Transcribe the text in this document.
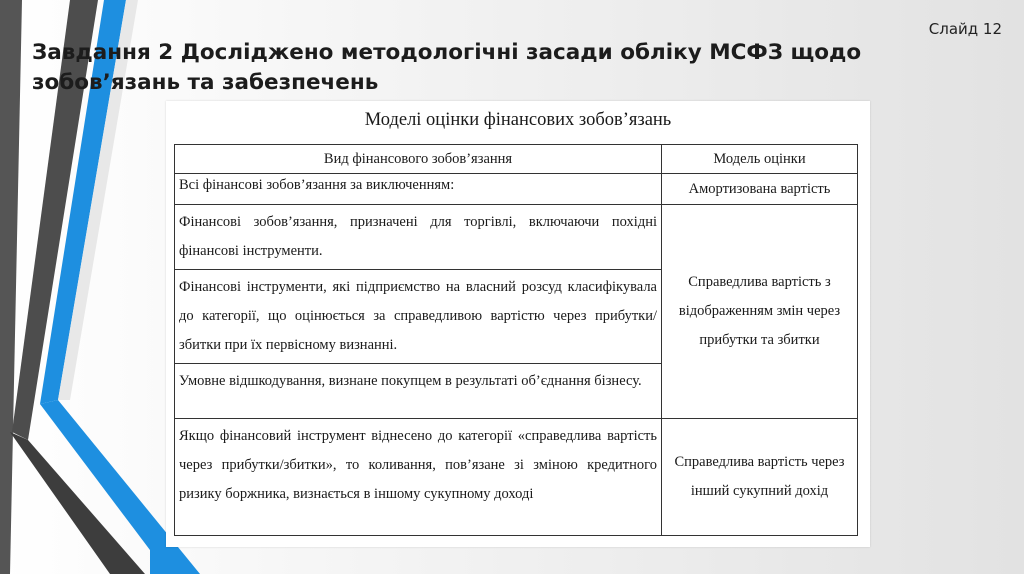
Слайд 12
Завдання 2 Досліджено методологічні засади обліку МСФЗ щодо зобов’язань та забезпечень
Моделі оцінки фінансових зобов’язань
Вид фінансового зобов’язання	Модель оцінки
Всі фінансові зобов’язання за виключенням:	Амортизована вартість
Фінансові зобов’язання, призначені для торгівлі, включаючи похідні фінансові інструменти.	Справедлива вартість з відображенням змін через прибутки та збитки
Фінансові інструменти, які підприємство на власний розсуд класифікувала до категорії, що оцінюється за справедливою вартістю через прибутки/збитки при їх первісному визнанні.	
Умовне відшкодування, визнане покупцем в результаті об’єднання бізнесу.	
Якщо фінансовий інструмент віднесено до категорії «справедлива вартість через прибутки/збитки», то коливання, пов’язане зі зміною кредитного ризику боржника, визнається в іншому сукупному доході	Справедлива вартість через інший сукупний дохід
